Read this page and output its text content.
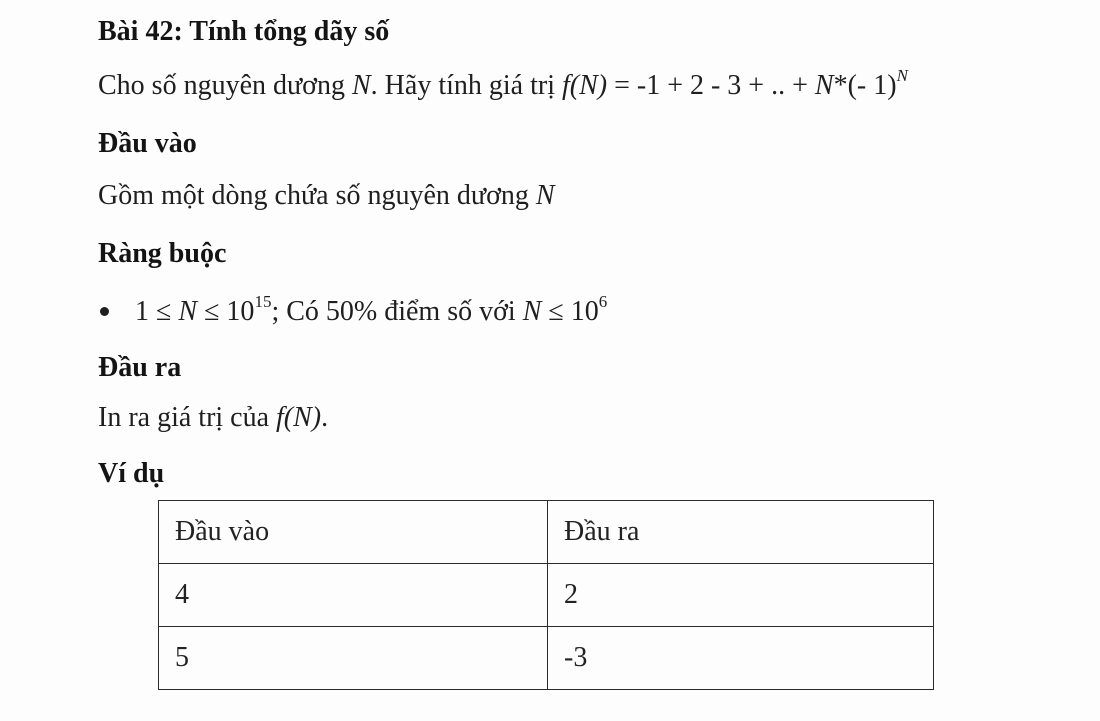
Bài 42: Tính tổng dãy số
Cho số nguyên dương N. Hãy tính giá trị f(N) = -1 + 2 - 3 + .. + N*(- 1)$^N$
Đầu vào
Gồm một dòng chứa số nguyên dương N
Ràng buộc
$1 \le N \le 10^{15}$; Có 50% điểm số với $N \le 10^6$
Đầu ra
In ra giá trị của f(N).
Ví dụ
Đầu vào	Đầu ra
4	2
5	-3
